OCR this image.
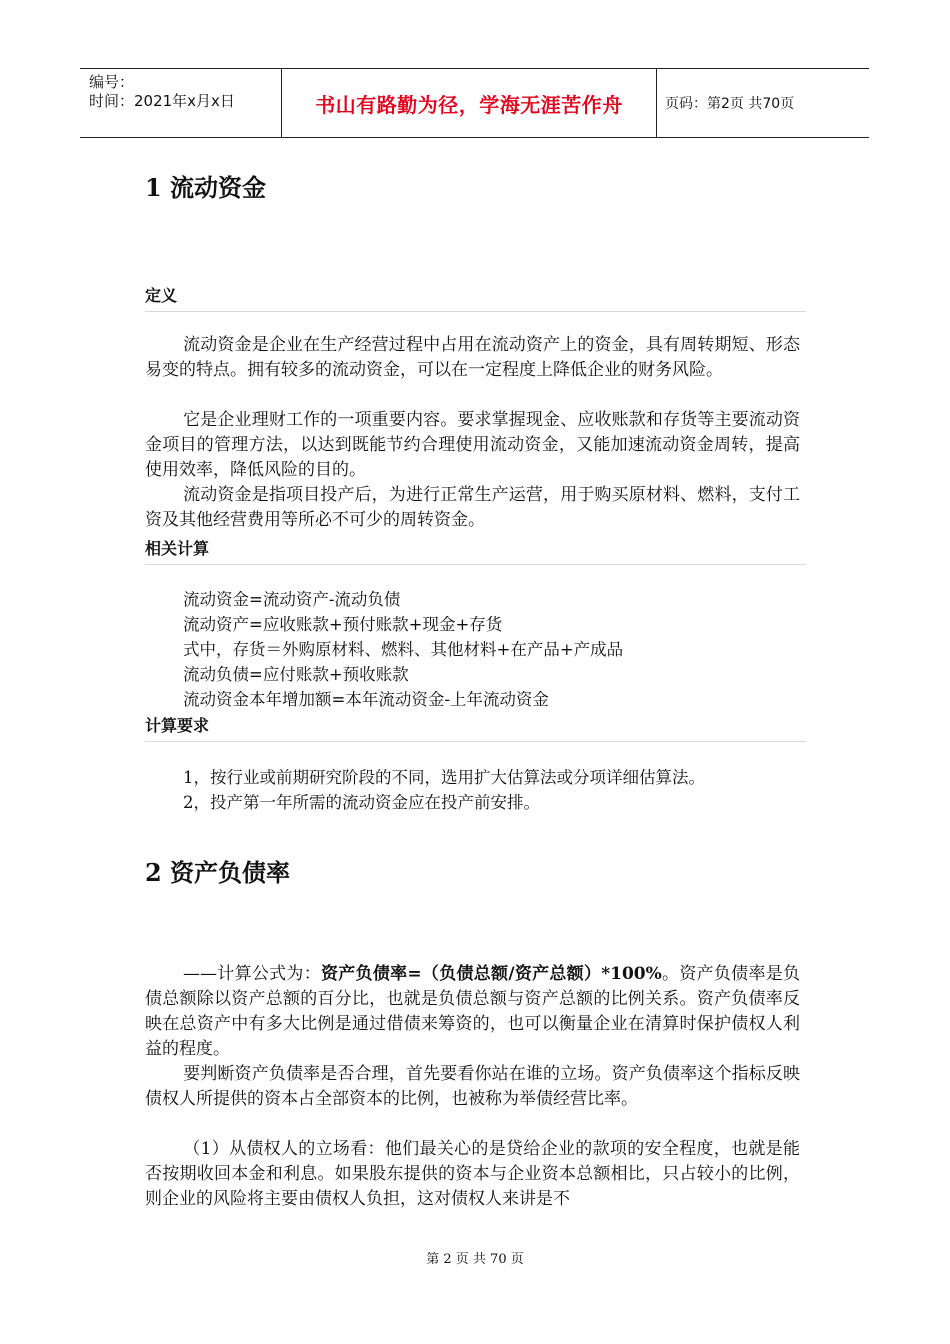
编号：
时间：2021年x月x日	书山有路勤为径，学海无涯苦作舟	页码：第2页 共70页
1 流动资金
定义
流动资金是企业在生产经营过程中占用在流动资产上的资金，具有周转期短、形态易变的特点。拥有较多的流动资金，可以在一定程度上降低企业的财务风险。
它是企业理财工作的一项重要内容。要求掌握现金、应收账款和存货等主要流动资金项目的管理方法，以达到既能节约合理使用流动资金，又能加速流动资金周转，提高使用效率，降低风险的目的。
流动资金是指项目投产后，为进行正常生产运营，用于购买原材料、燃料，支付工资及其他经营费用等所必不可少的周转资金。
相关计算
流动资金=流动资产-流动负债
流动资产=应收账款+预付账款+现金+存货
式中，存货＝外购原材料、燃料、其他材料+在产品+产成品
流动负债=应付账款+预收账款
流动资金本年增加额=本年流动资金-上年流动资金
计算要求
1，按行业或前期研究阶段的不同，选用扩大估算法或分项详细估算法。
2，投产第一年所需的流动资金应在投产前安排。
2 资产负债率
——计算公式为：资产负债率=（负债总额/资产总额）*100%。资产负债率是负债总额除以资产总额的百分比，也就是负债总额与资产总额的比例关系。资产负债率反映在总资产中有多大比例是通过借债来筹资的，也可以衡量企业在清算时保护债权人利益的程度。
要判断资产负债率是否合理，首先要看你站在谁的立场。资产负债率这个指标反映债权人所提供的资本占全部资本的比例，也被称为举债经营比率。
（1）从债权人的立场看：他们最关心的是贷给企业的款项的安全程度，也就是能否按期收回本金和利息。如果股东提供的资本与企业资本总额相比，只占较小的比例，则企业的风险将主要由债权人负担，这对债权人来讲是不
第 2 页 共 70 页
